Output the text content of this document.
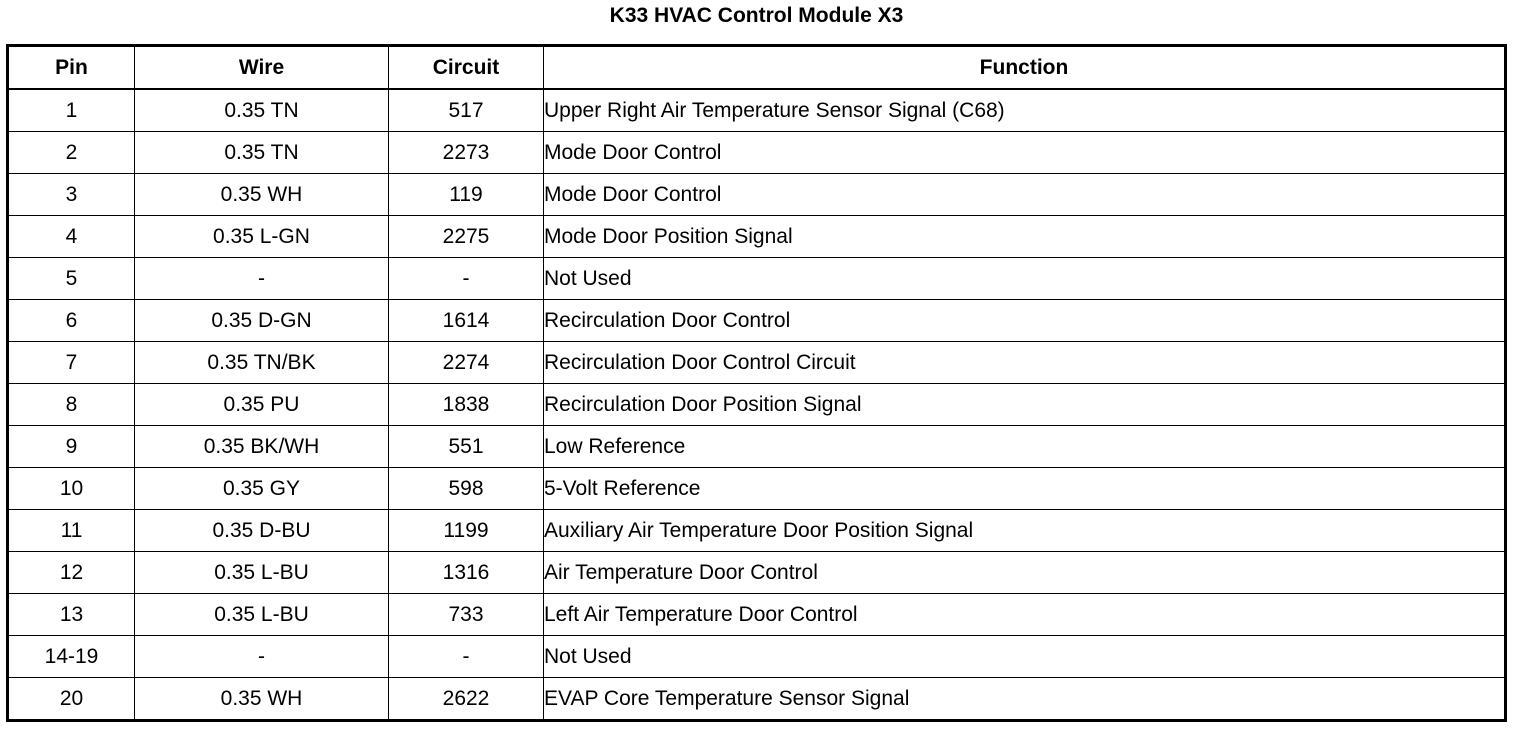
K33 HVAC Control Module X3
Pin	Wire	Circuit	Function
1	0.35 TN	517	Upper Right Air Temperature Sensor Signal (C68)
2	0.35 TN	2273	Mode Door Control
3	0.35 WH	119	Mode Door Control
4	0.35 L-GN	2275	Mode Door Position Signal
5	-	-	Not Used
6	0.35 D-GN	1614	Recirculation Door Control
7	0.35 TN/BK	2274	Recirculation Door Control Circuit
8	0.35 PU	1838	Recirculation Door Position Signal
9	0.35 BK/WH	551	Low Reference
10	0.35 GY	598	5-Volt Reference
11	0.35 D-BU	1199	Auxiliary Air Temperature Door Position Signal
12	0.35 L-BU	1316	Air Temperature Door Control
13	0.35 L-BU	733	Left Air Temperature Door Control
14-19	-	-	Not Used
20	0.35 WH	2622	EVAP Core Temperature Sensor Signal
